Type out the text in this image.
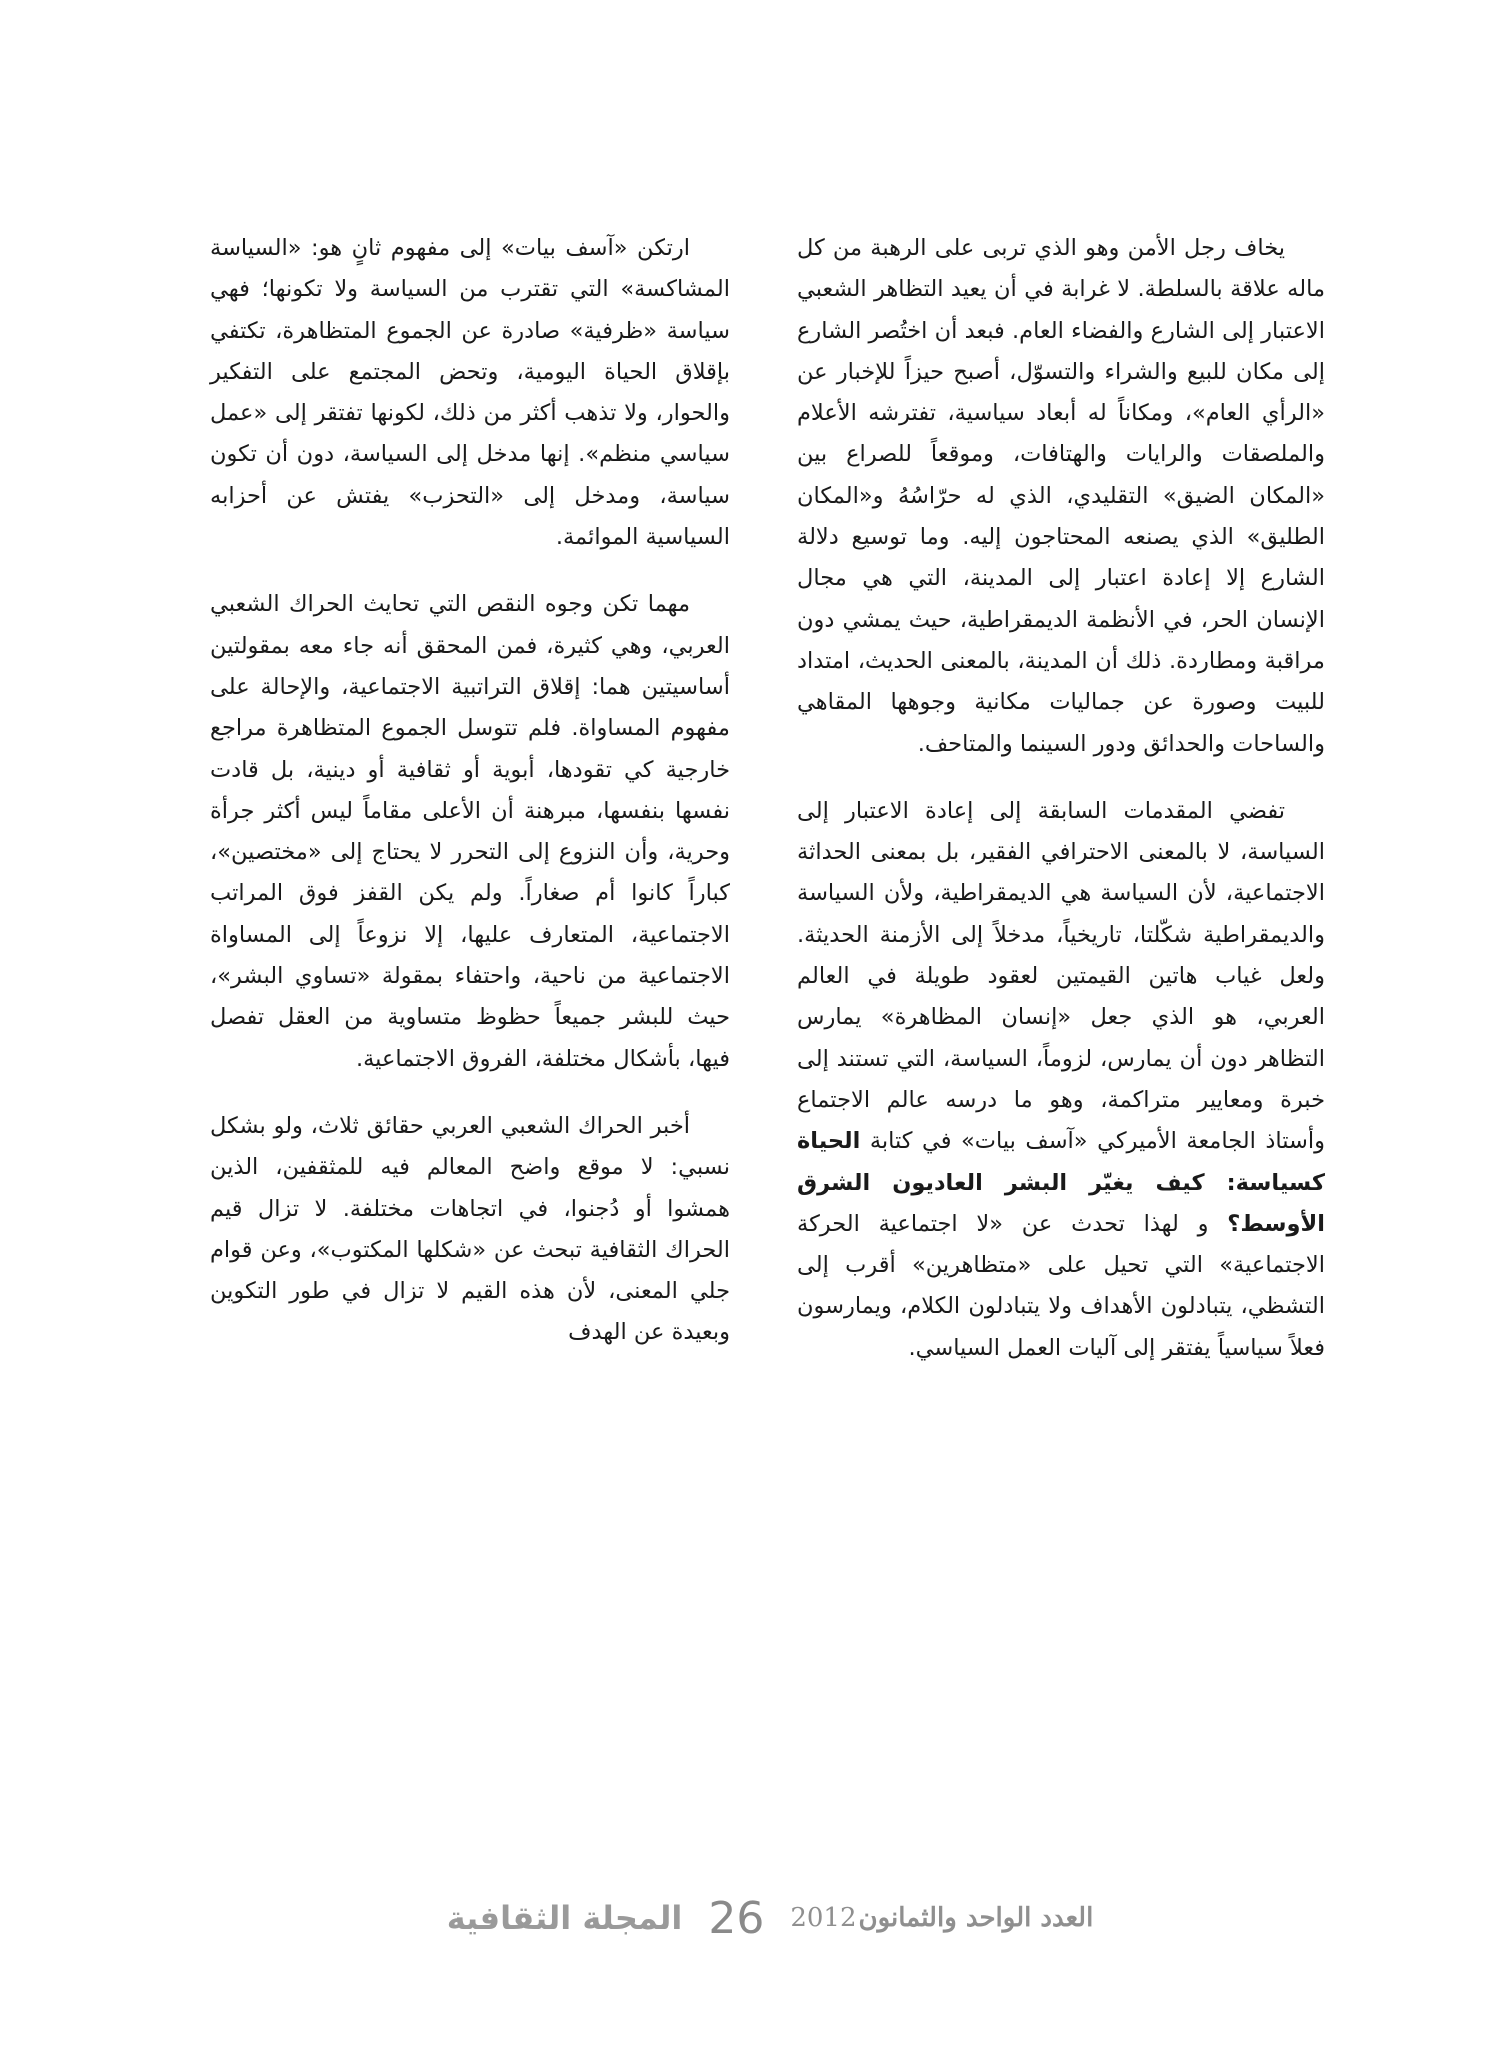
يخاف رجل الأمن وهو الذي تربى على الرهبة من كل ماله علاقة بالسلطة. لا غرابة في أن يعيد التظاهر الشعبي الاعتبار إلى الشارع والفضاء العام. فبعد أن اختُصر الشارع إلى مكان للبيع والشراء والتسوّل، أصبح حيزاً للإخبار عن «الرأي العام»، ومكاناً له أبعاد سياسية، تفترشه الأعلام والملصقات والرايات والهتافات، وموقعاً للصراع بين «المكان الضيق» التقليدي، الذي له حرّاسُهُ و«المكان الطليق» الذي يصنعه المحتاجون إليه. وما توسيع دلالة الشارع إلا إعادة اعتبار إلى المدينة، التي هي مجال الإنسان الحر، في الأنظمة الديمقراطية، حيث يمشي دون مراقبة ومطاردة. ذلك أن المدينة، بالمعنى الحديث، امتداد للبيت وصورة عن جماليات مكانية وجوهها المقاهي والساحات والحدائق ودور السينما والمتاحف.

تفضي المقدمات السابقة إلى إعادة الاعتبار إلى السياسة، لا بالمعنى الاحترافي الفقير، بل بمعنى الحداثة الاجتماعية، لأن السياسة هي الديمقراطية، ولأن السياسة والديمقراطية شكّلتا، تاريخياً، مدخلاً إلى الأزمنة الحديثة. ولعل غياب هاتين القيمتين لعقود طويلة في العالم العربي، هو الذي جعل «إنسان المظاهرة» يمارس التظاهر دون أن يمارس، لزوماً، السياسة، التي تستند إلى خبرة ومعايير متراكمة، وهو ما درسه عالم الاجتماع وأستاذ الجامعة الأميركي «آسف بيات» في كتابة الحياة كسياسة: كيف يغيّر البشر العاديون الشرق الأوسط؟ و لهذا تحدث عن «لا اجتماعية الحركة الاجتماعية» التي تحيل على «متظاهرين» أقرب إلى التشظي، يتبادلون الأهداف ولا يتبادلون الكلام، ويمارسون فعلاً سياسياً يفتقر إلى آليات العمل السياسي.

ارتكن «آسف بيات» إلى مفهوم ثانٍ هو: «السياسة المشاكسة» التي تقترب من السياسة ولا تكونها؛ فهي سياسة «ظرفية» صادرة عن الجموع المتظاهرة، تكتفي بإقلاق الحياة اليومية، وتحض المجتمع على التفكير والحوار، ولا تذهب أكثر من ذلك، لكونها تفتقر إلى «عمل سياسي منظم». إنها مدخل إلى السياسة، دون أن تكون سياسة، ومدخل إلى «التحزب» يفتش عن أحزابه السياسية الموائمة.

مهما تكن وجوه النقص التي تحايث الحراك الشعبي العربي، وهي كثيرة، فمن المحقق أنه جاء معه بمقولتين أساسيتين هما: إقلاق التراتبية الاجتماعية، والإحالة على مفهوم المساواة. فلم تتوسل الجموع المتظاهرة مراجع خارجية كي تقودها، أبوية أو ثقافية أو دينية، بل قادت نفسها بنفسها، مبرهنة أن الأعلى مقاماً ليس أكثر جرأة وحرية، وأن النزوع إلى التحرر لا يحتاج إلى «مختصين»، كباراً كانوا أم صغاراً. ولم يكن القفز فوق المراتب الاجتماعية، المتعارف عليها، إلا نزوعاً إلى المساواة الاجتماعية من ناحية، واحتفاء بمقولة «تساوي البشر»، حيث للبشر جميعاً حظوظ متساوية من العقل تفصل فيها، بأشكال مختلفة، الفروق الاجتماعية.

أخبر الحراك الشعبي العربي حقائق ثلاث، ولو بشكل نسبي: لا موقع واضح المعالم فيه للمثقفين، الذين همشوا أو دُجنوا، في اتجاهات مختلفة. لا تزال قيم الحراك الثقافية تبحث عن «شكلها المكتوب»، وعن قوام جلي المعنى، لأن هذه القيم لا تزال في طور التكوين وبعيدة عن الهدف

المجلة الثقافية 26	العدد الواحد والثمانون
2012
